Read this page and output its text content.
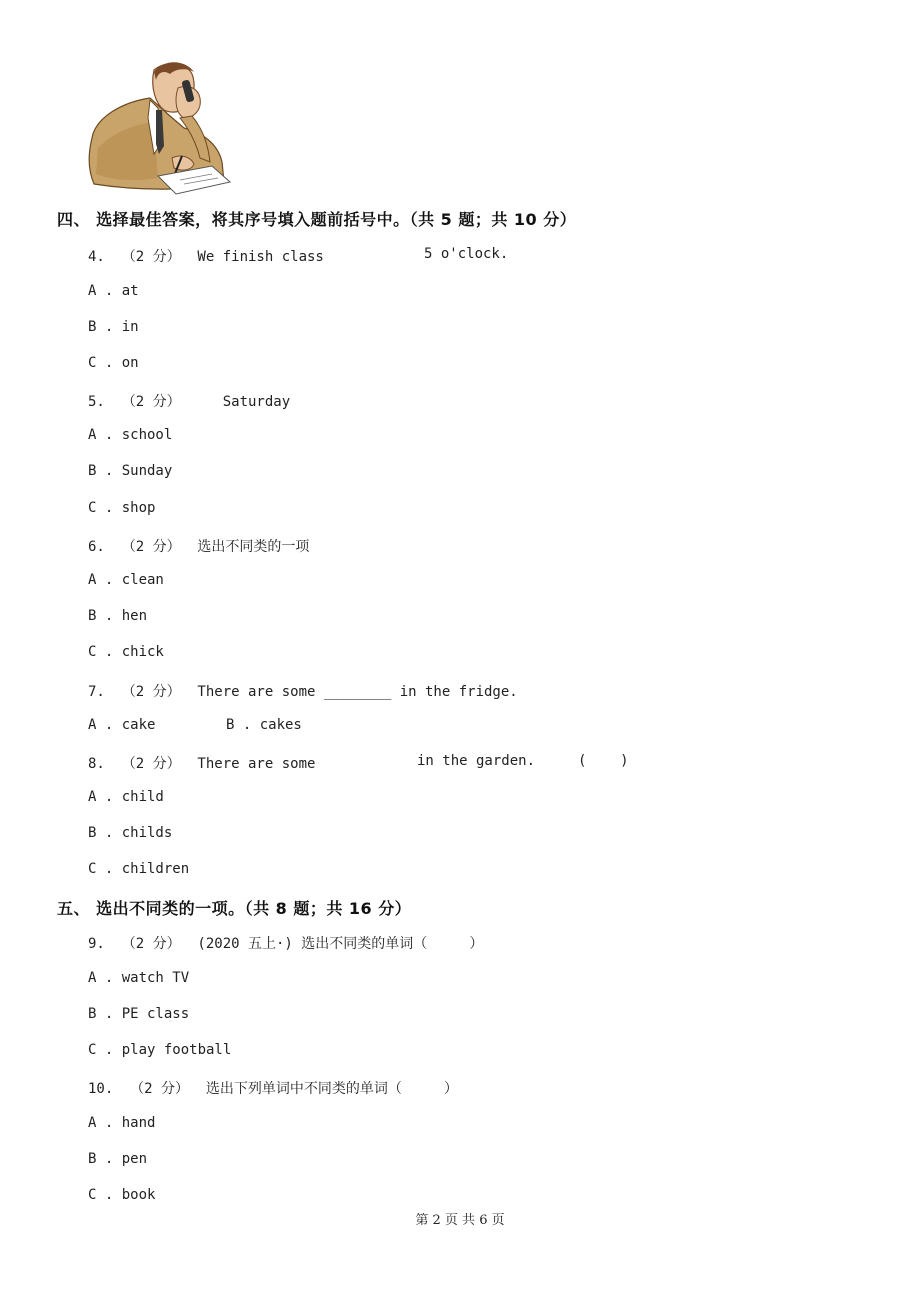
四、 选择最佳答案，将其序号填入题前括号中。（共 5 题；共 10 分）
4.  （2 分）  We finish class	5 o'clock.
A . at
B . in
C . on
5.  （2 分）     Saturday
A . school
B . Sunday
C . shop
6.  （2 分）  选出不同类的一项
A . clean
B . hen
C . chick
7.  （2 分）  There are some ________ in the fridge.
A . cake	B . cakes
8.  （2 分）  There are some	in the garden.	(    )
A . child
B . childs
C . children
五、 选出不同类的一项。（共 8 题；共 16 分）
9.  （2 分）  (2020 五上·) 选出不同类的单词（     ）
A . watch TV
B . PE class
C . play football
10.  （2 分）  选出下列单词中不同类的单词（     ）
A . hand
B . pen
C . book
第 2 页 共 6 页
